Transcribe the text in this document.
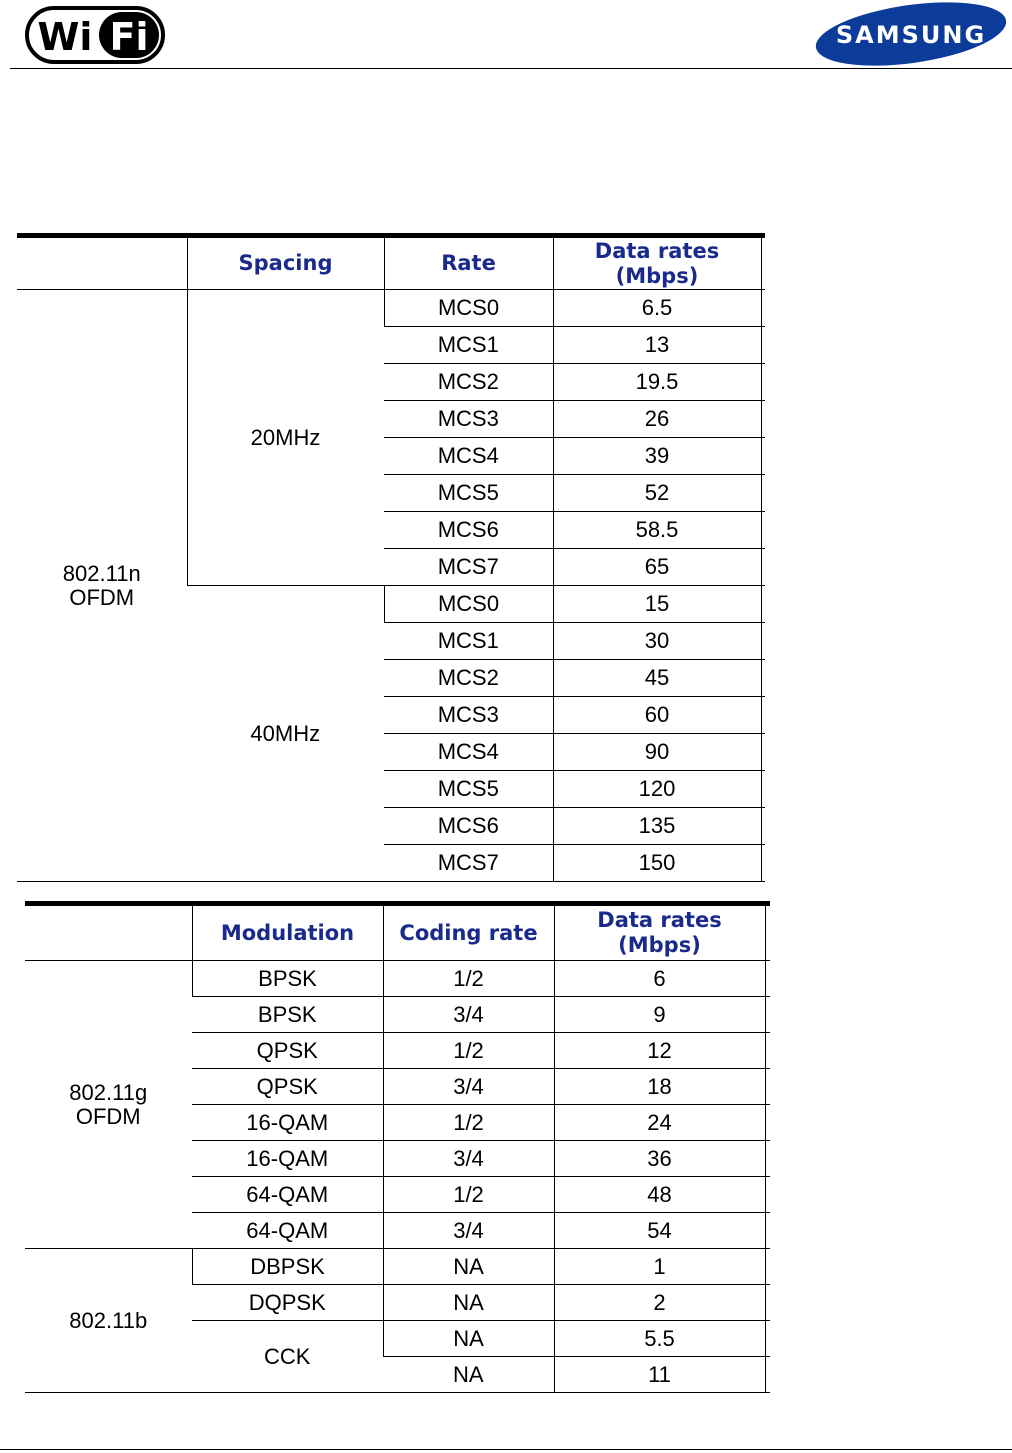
Wi Fi	SAMSUNG
	Spacing	Rate	Data rates (Mbps)	
802.11n
OFDM	20MHz	MCS0	6.5	
		MCS1	13	
		MCS2	19.5	
		MCS3	26	
		MCS4	39	
		MCS5	52	
		MCS6	58.5	
		MCS7	65	
	40MHz	MCS0	15	
		MCS1	30	
		MCS2	45	
		MCS3	60	
		MCS4	90	
		MCS5	120	
		MCS6	135	
		MCS7	150	
	Modulation	Coding rate	Data rates (Mbps)	
802.11g
OFDM	BPSK	1/2	6	
	BPSK	3/4	9	
	QPSK	1/2	12	
	QPSK	3/4	18	
	16-QAM	1/2	24	
	16-QAM	3/4	36	
	64-QAM	1/2	48	
	64-QAM	3/4	54	
802.11b	DBPSK	NA	1	
	DQPSK	NA	2	
	CCK	NA	5.5	
		NA	11	
